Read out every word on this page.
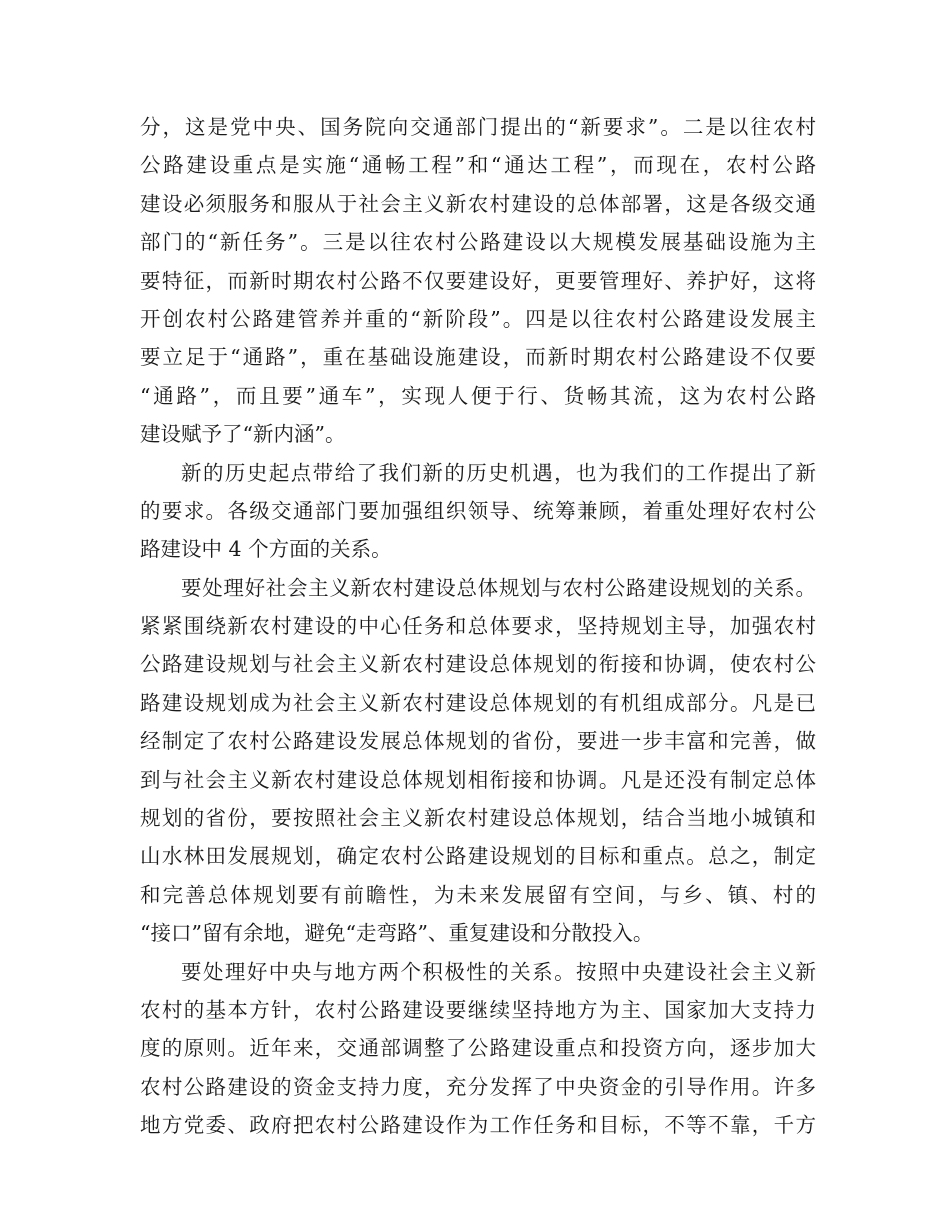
分，这是党中央、国务院向交通部门提出的“新要求”。二是以往农村
公路建设重点是实施“通畅工程”和“通达工程”，而现在，农村公路
建设必须服务和服从于社会主义新农村建设的总体部署，这是各级交通
部门的“新任务”。三是以往农村公路建设以大规模发展基础设施为主
要特征，而新时期农村公路不仅要建设好，更要管理好、养护好，这将
开创农村公路建管养并重的“新阶段”。四是以往农村公路建设发展主
要立足于“通路”，重在基础设施建设，而新时期农村公路建设不仅要
“通路”，而且要”通车”，实现人便于行、货畅其流，这为农村公路
建设赋予了“新内涵”。
新的历史起点带给了我们新的历史机遇，也为我们的工作提出了新
的要求。各级交通部门要加强组织领导、统筹兼顾，着重处理好农村公
路建设中 4 个方面的关系。
要处理好社会主义新农村建设总体规划与农村公路建设规划的关系。
紧紧围绕新农村建设的中心任务和总体要求，坚持规划主导，加强农村
公路建设规划与社会主义新农村建设总体规划的衔接和协调，使农村公
路建设规划成为社会主义新农村建设总体规划的有机组成部分。凡是已
经制定了农村公路建设发展总体规划的省份，要进一步丰富和完善，做
到与社会主义新农村建设总体规划相衔接和协调。凡是还没有制定总体
规划的省份，要按照社会主义新农村建设总体规划，结合当地小城镇和
山水林田发展规划，确定农村公路建设规划的目标和重点。总之，制定
和完善总体规划要有前瞻性，为未来发展留有空间，与乡、镇、村的
“接口”留有余地，避免“走弯路”、重复建设和分散投入。
要处理好中央与地方两个积极性的关系。按照中央建设社会主义新
农村的基本方针，农村公路建设要继续坚持地方为主、国家加大支持力
度的原则。近年来，交通部调整了公路建设重点和投资方向，逐步加大
农村公路建设的资金支持力度，充分发挥了中央资金的引导作用。许多
地方党委、政府把农村公路建设作为工作任务和目标，不等不靠，千方
